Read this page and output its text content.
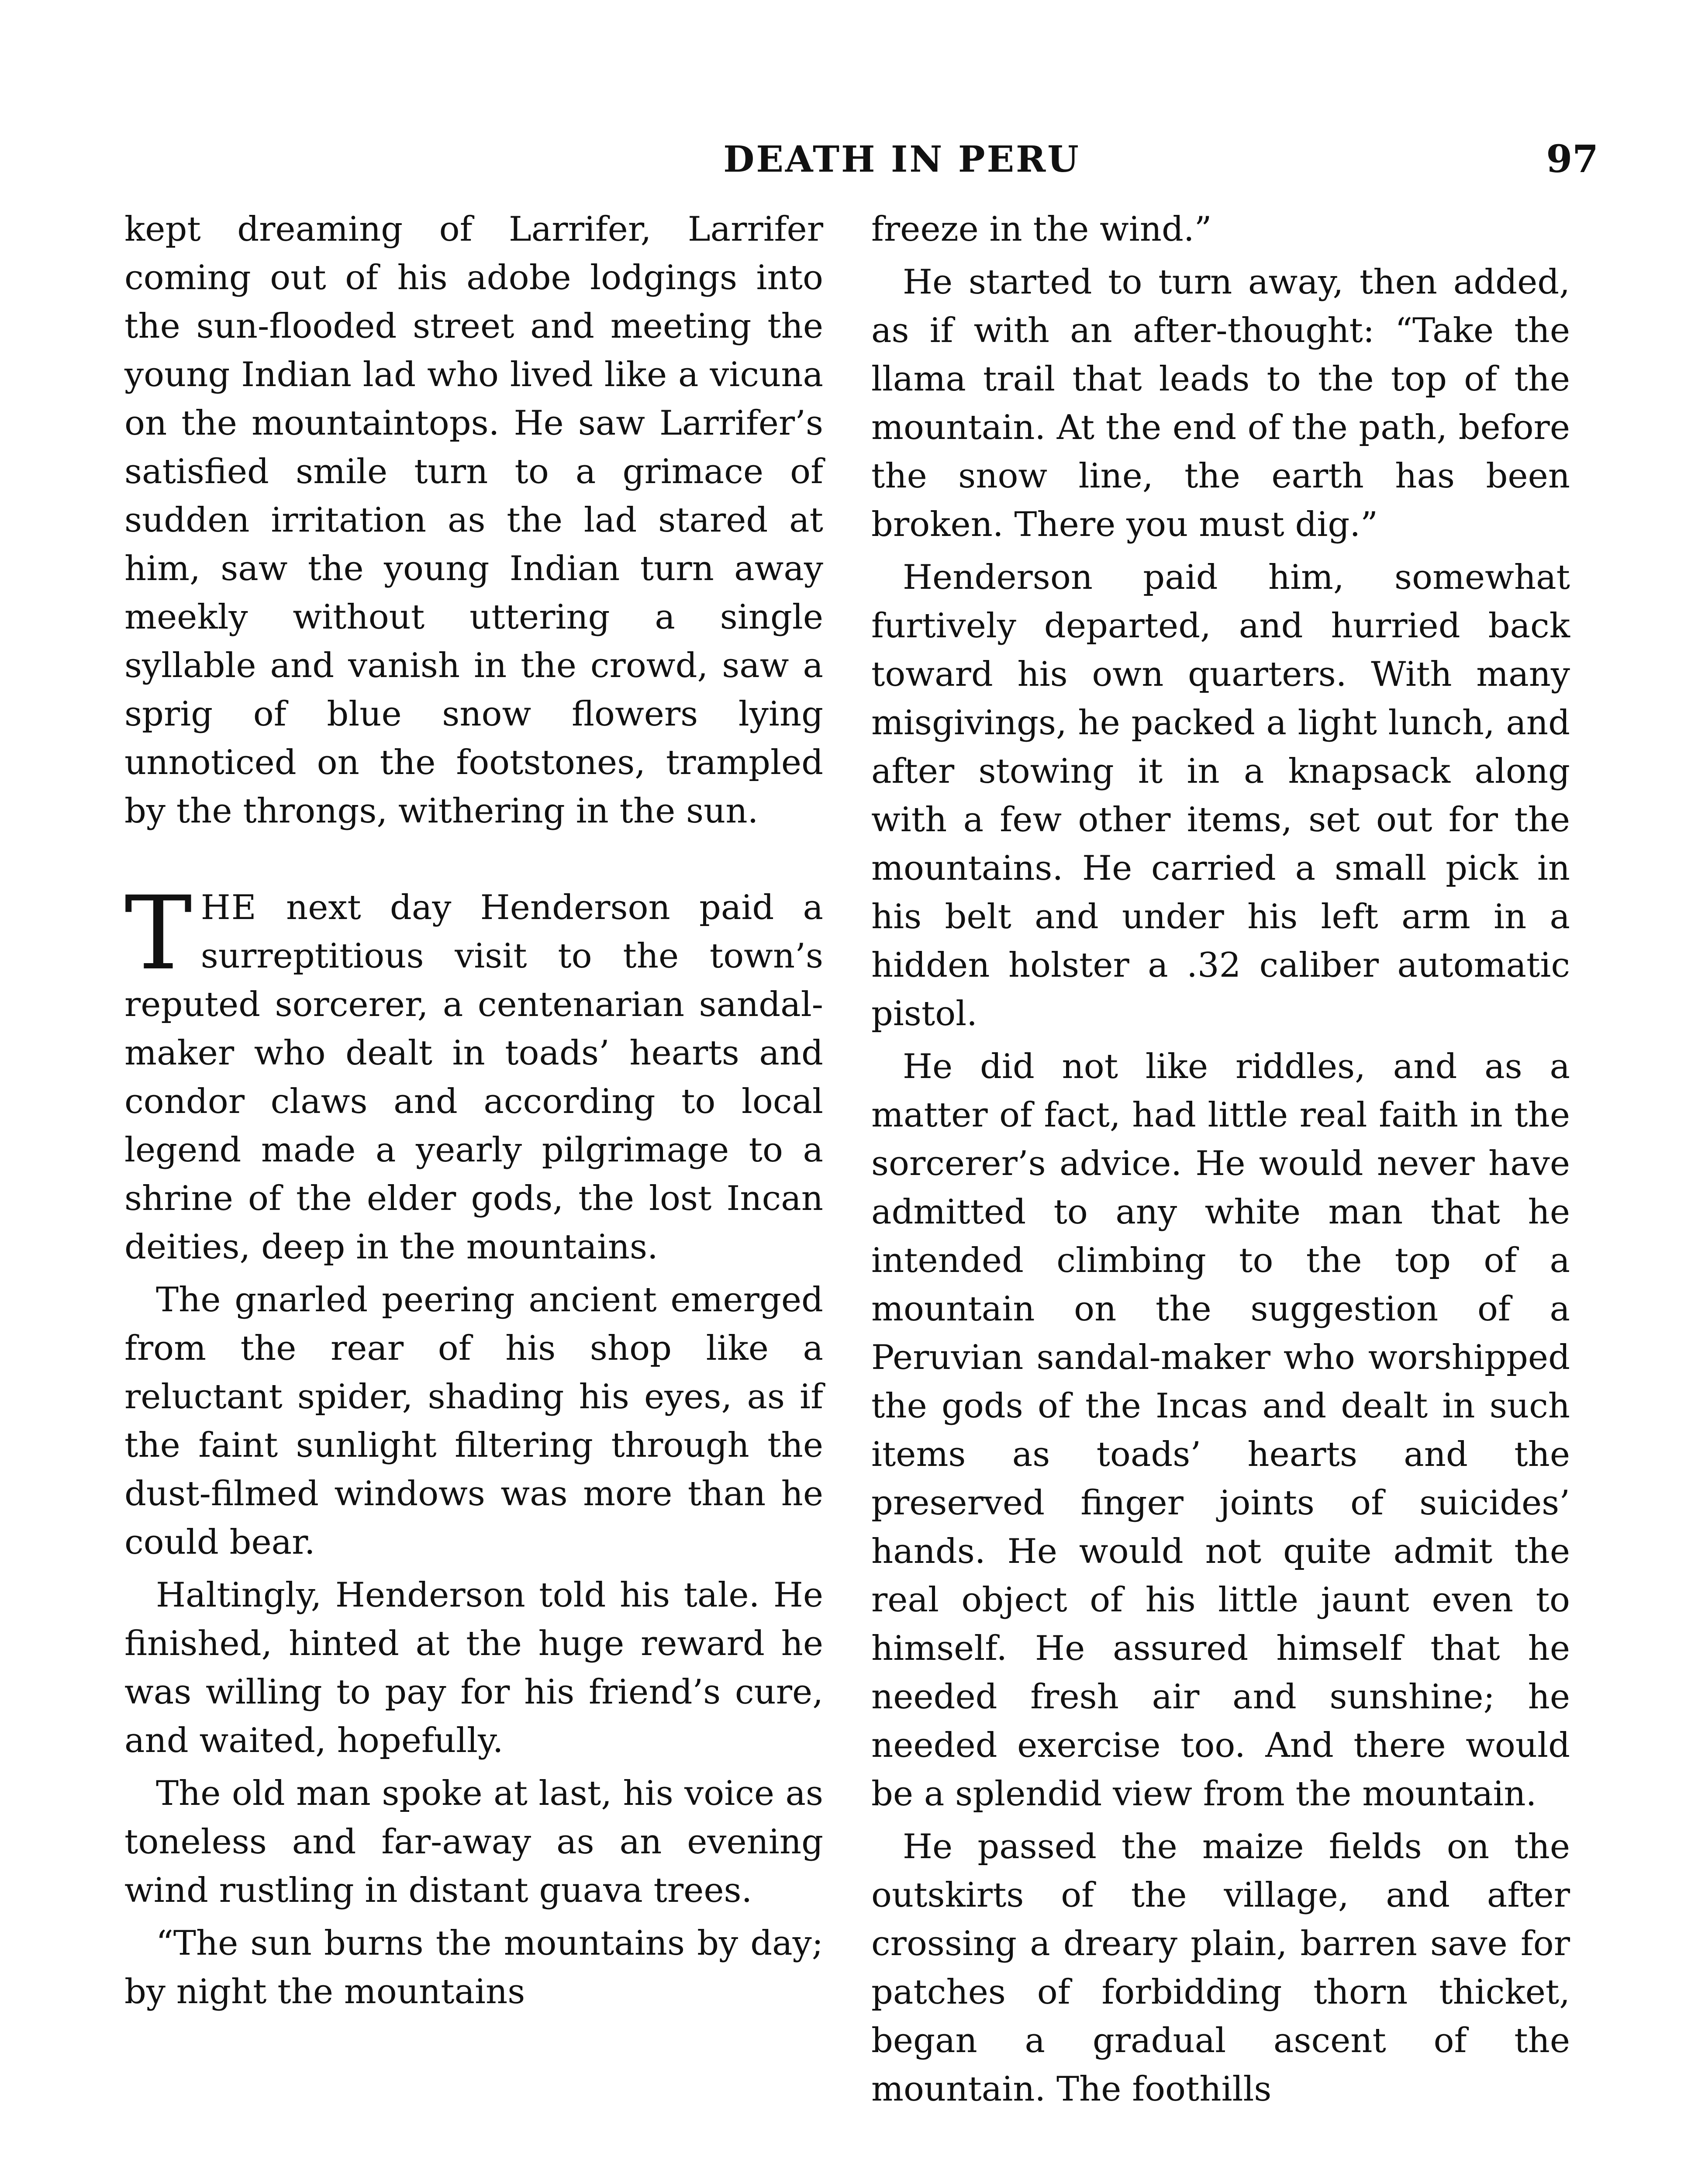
DEATH IN PERU	97

kept dreaming of Larrifer, Larrifer coming out of his adobe lodgings into the sun-flooded street and meeting the young Indian lad who lived like a vicuna on the mountaintops. He saw Larrifer’s satisfied smile turn to a grimace of sudden irritation as the lad stared at him, saw the young Indian turn away meekly without uttering a single syllable and vanish in the crowd, saw a sprig of blue snow flowers lying unnoticed on the footstones, trampled by the throngs, withering in the sun.

THE next day Henderson paid a surreptitious visit to the town’s reputed sorcerer, a centenarian sandal-maker who dealt in toads’ hearts and condor claws and according to local legend made a yearly pilgrimage to a shrine of the elder gods, the lost Incan deities, deep in the mountains.

The gnarled peering ancient emerged from the rear of his shop like a reluctant spider, shading his eyes, as if the faint sunlight filtering through the dust-filmed windows was more than he could bear.

Haltingly, Henderson told his tale. He finished, hinted at the huge reward he was willing to pay for his friend’s cure, and waited, hopefully.

The old man spoke at last, his voice as toneless and far-away as an evening wind rustling in distant guava trees.

“The sun burns the mountains by day; by night the mountains

freeze in the wind.”

He started to turn away, then added, as if with an after-thought: “Take the llama trail that leads to the top of the mountain. At the end of the path, before the snow line, the earth has been broken. There you must dig.”

Henderson paid him, somewhat furtively departed, and hurried back toward his own quarters. With many misgivings, he packed a light lunch, and after stowing it in a knapsack along with a few other items, set out for the mountains. He carried a small pick in his belt and under his left arm in a hidden holster a .32 caliber automatic pistol.

He did not like riddles, and as a matter of fact, had little real faith in the sorcerer’s advice. He would never have admitted to any white man that he intended climbing to the top of a mountain on the suggestion of a Peruvian sandal-maker who worshipped the gods of the Incas and dealt in such items as toads’ hearts and the preserved finger joints of suicides’ hands. He would not quite admit the real object of his little jaunt even to himself. He assured himself that he needed fresh air and sunshine; he needed exercise too. And there would be a splendid view from the mountain.

He passed the maize fields on the outskirts of the village, and after crossing a dreary plain, barren save for patches of forbidding thorn thicket, began a gradual ascent of the mountain. The foothills
